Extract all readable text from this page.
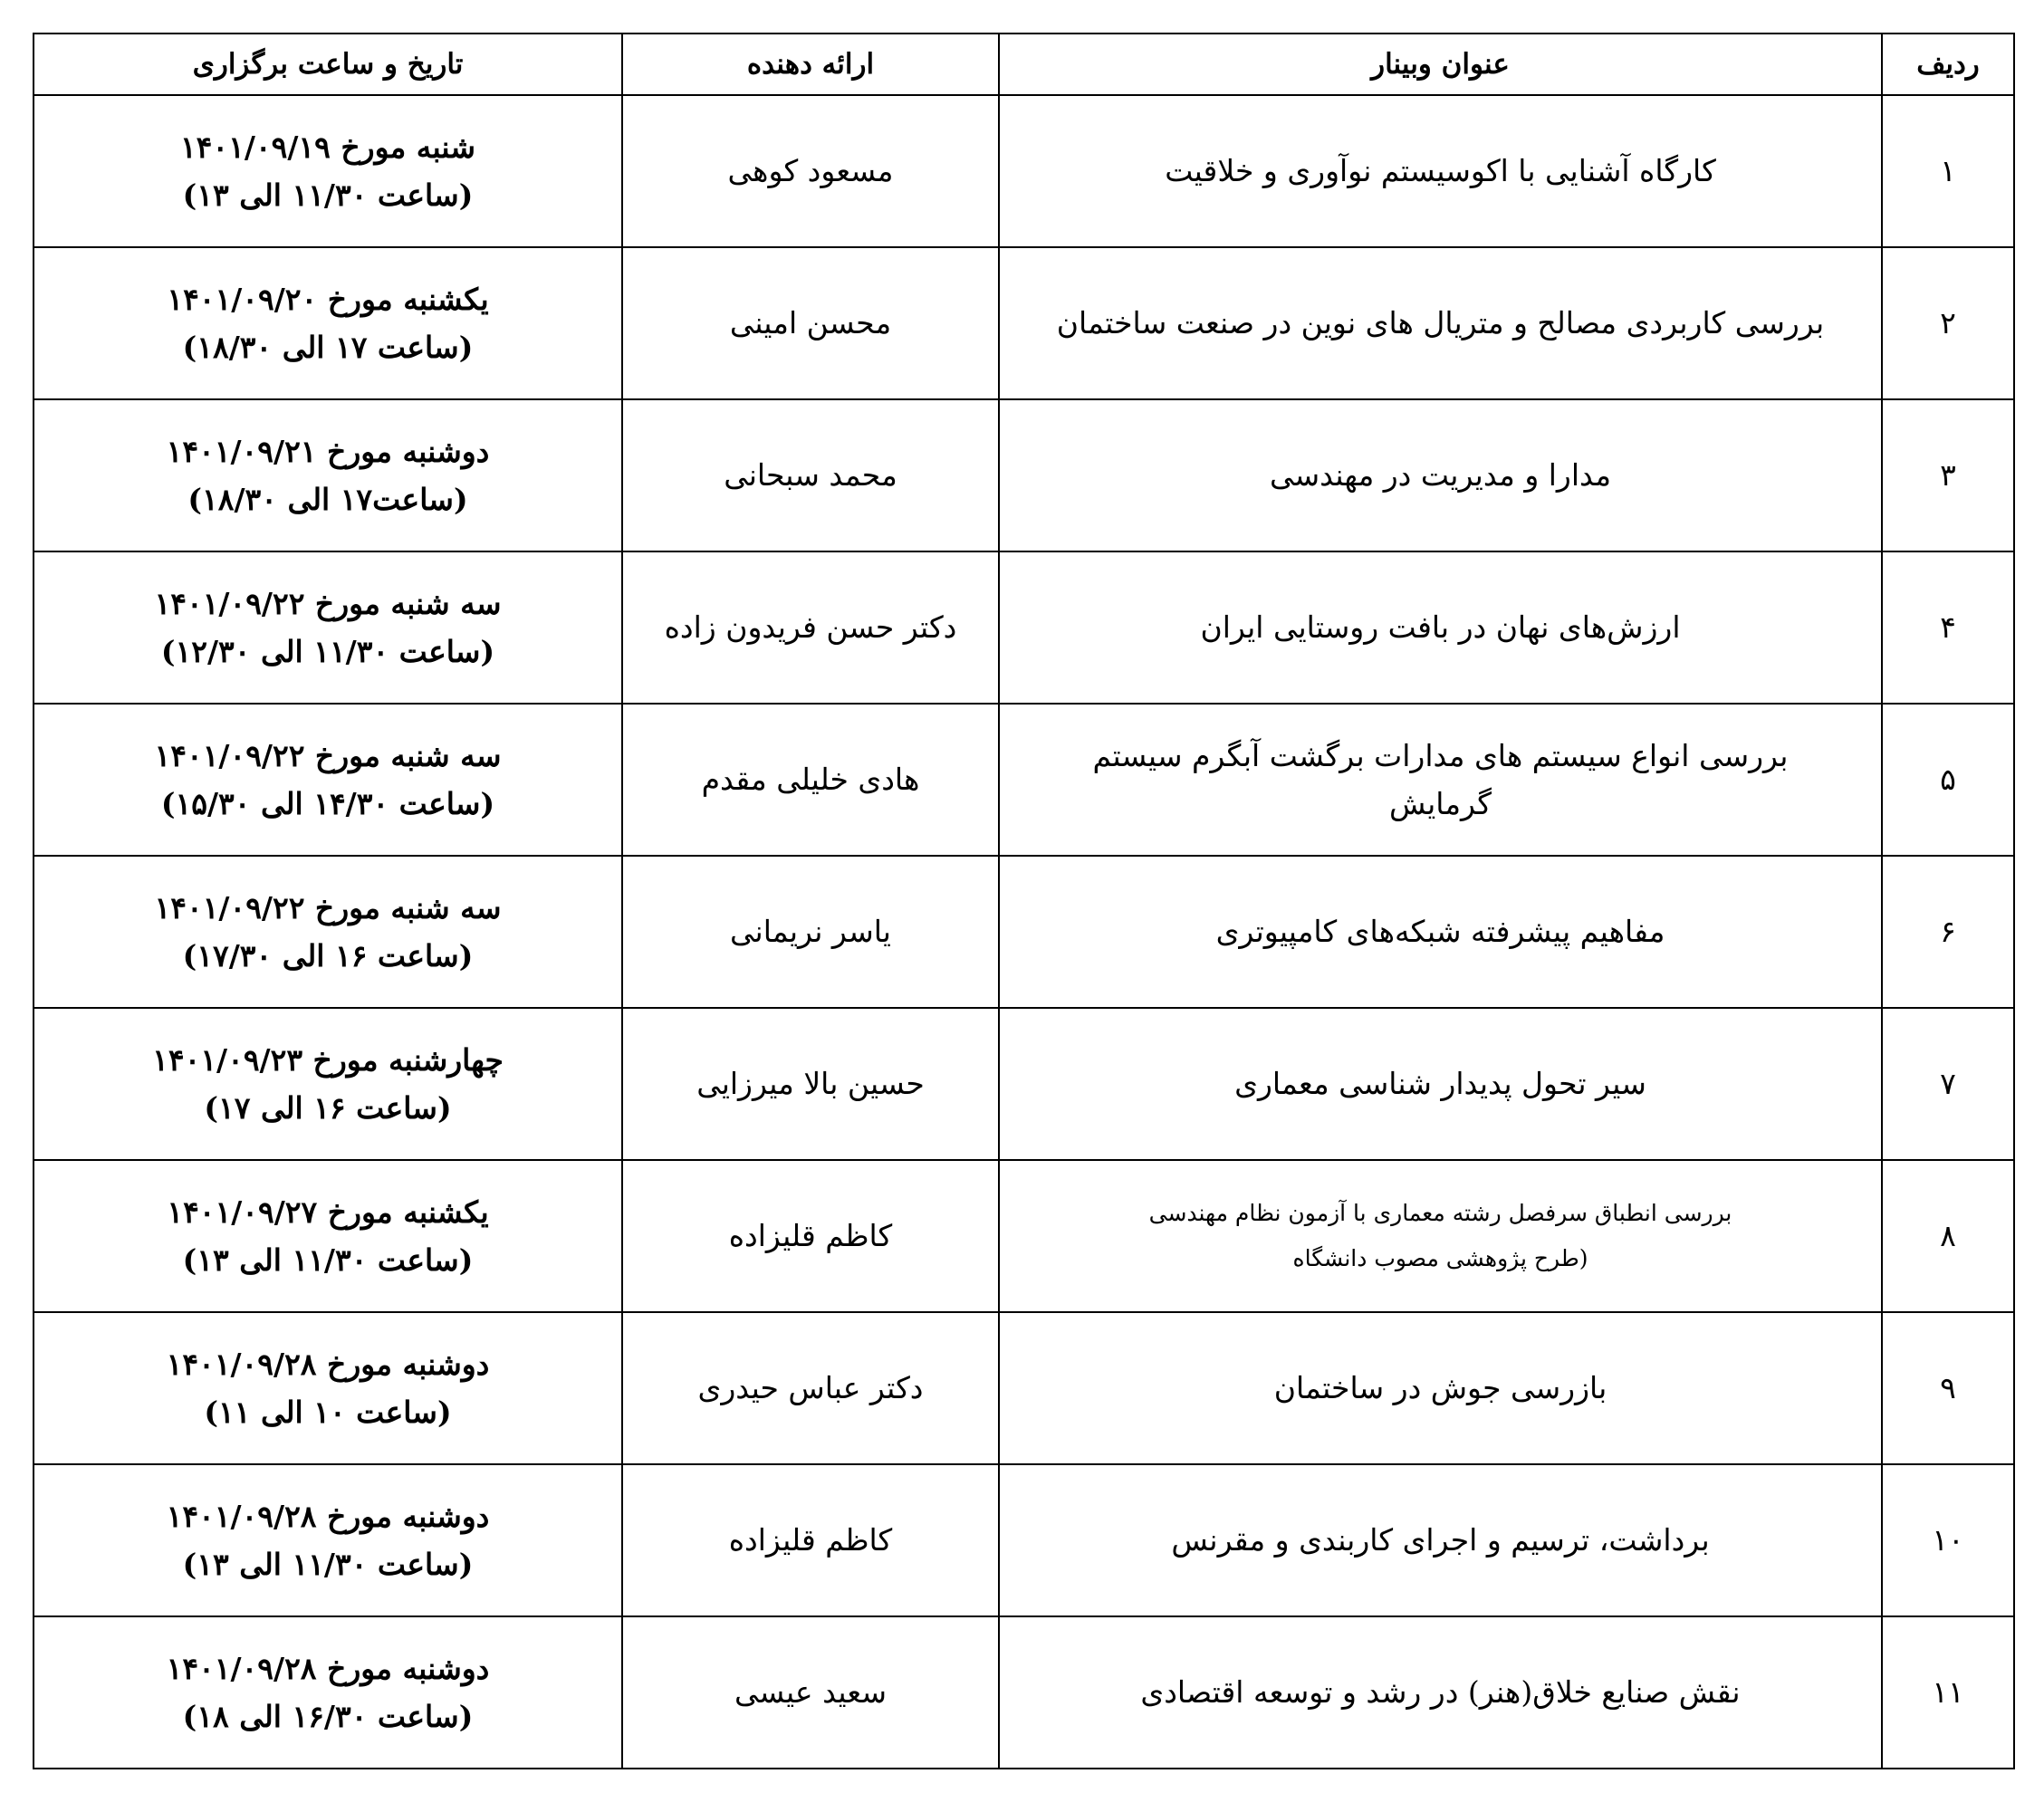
ردیف	عنوان وبینار	ارائه دهنده	تاریخ و ساعت برگزاری
۱	کارگاه آشنایی با اکوسیستم نوآوری و خلاقیت	مسعود کوهی	شنبه مورخ ۱۴۰۱/۰۹/۱۹
(ساعت ۱۱/۳۰ الی ۱۳)

۲	بررسی کاربردی مصالح و متریال های نوین در صنعت ساختمان	محسن امینی	یکشنبه مورخ ۱۴۰۱/۰۹/۲۰
(ساعت ۱۷ الی ۱۸/۳۰)

۳	مدارا و مدیریت در مهندسی	محمد سبحانی	دوشنبه مورخ ۱۴۰۱/۰۹/۲۱
(ساعت۱۷ الی ۱۸/۳۰)

۴	ارزش‌های نهان در بافت روستایی ایران	دکتر حسن فریدون زاده	سه شنبه مورخ ۱۴۰۱/۰۹/۲۲
(ساعت ۱۱/۳۰ الی ۱۲/۳۰)

۵	بررسی انواع سیستم های مدارات برگشت آبگرم سیستم
گرمایش	هادی خلیلی مقدم	سه شنبه مورخ ۱۴۰۱/۰۹/۲۲
(ساعت ۱۴/۳۰ الی ۱۵/۳۰)

۶	مفاهیم پیشرفته شبکه‌های کامپیوتری	یاسر نریمانی	سه شنبه مورخ ۱۴۰۱/۰۹/۲۲
(ساعت ۱۶ الی ۱۷/۳۰)

۷	سیر تحول پدیدار شناسی معماری	حسین بالا میرزایی	چهارشنبه مورخ ۱۴۰۱/۰۹/۲۳
(ساعت ۱۶ الی ۱۷)

۸	بررسی انطباق سرفصل رشته معماری با آزمون نظام مهندسی
(طرح پژوهشی مصوب دانشگاه	کاظم قلیزاده	یکشنبه مورخ ۱۴۰۱/۰۹/۲۷
(ساعت ۱۱/۳۰ الی ۱۳)

۹	بازرسی جوش در ساختمان	دکتر عباس حیدری	دوشنبه مورخ ۱۴۰۱/۰۹/۲۸
(ساعت ۱۰ الی ۱۱)

۱۰	برداشت، ترسیم و اجرای کاربندی و مقرنس	کاظم قلیزاده	دوشنبه مورخ ۱۴۰۱/۰۹/۲۸
(ساعت ۱۱/۳۰ الی ۱۳)

۱۱	نقش صنایع خلاق(هنر) در رشد و توسعه اقتصادی	سعید عیسی	دوشنبه مورخ ۱۴۰۱/۰۹/۲۸
(ساعت ۱۶/۳۰ الی ۱۸)
